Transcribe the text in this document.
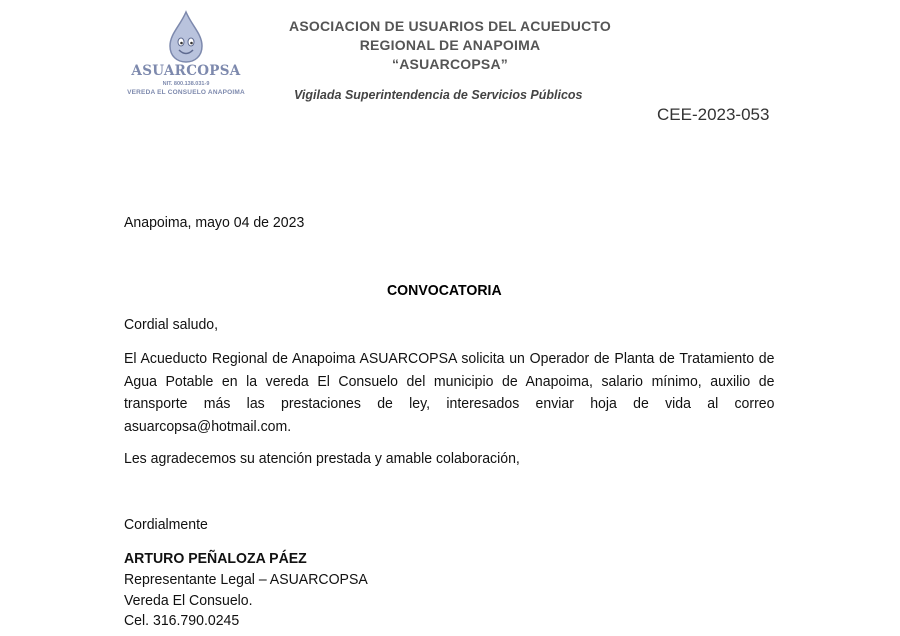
ASUARCOPSA
NIT. 800.138.031-9
VEREDA EL CONSUELO ANAPOIMA
ASOCIACION DE USUARIOS DEL ACUEDUCTO
REGIONAL DE ANAPOIMA
“ASUARCOPSA”
Vigilada Superintendencia de Servicios Públicos
CEE-2023-053
Anapoima, mayo 04 de 2023
CONVOCATORIA
Cordial saludo,
El Acueducto Regional de Anapoima ASUARCOPSA solicita un Operador de Planta de Tratamiento de Agua Potable en la vereda El Consuelo del municipio de Anapoima, salario mínimo, auxilio de transporte más las prestaciones de ley, interesados enviar hoja de vida al correo asuarcopsa@hotmail.com.
Les agradecemos su atención prestada y amable colaboración,
Cordialmente
ARTURO PEÑALOZA PÁEZ
Representante Legal – ASUARCOPSA
Vereda El Consuelo.
Cel. 316.790.0245
